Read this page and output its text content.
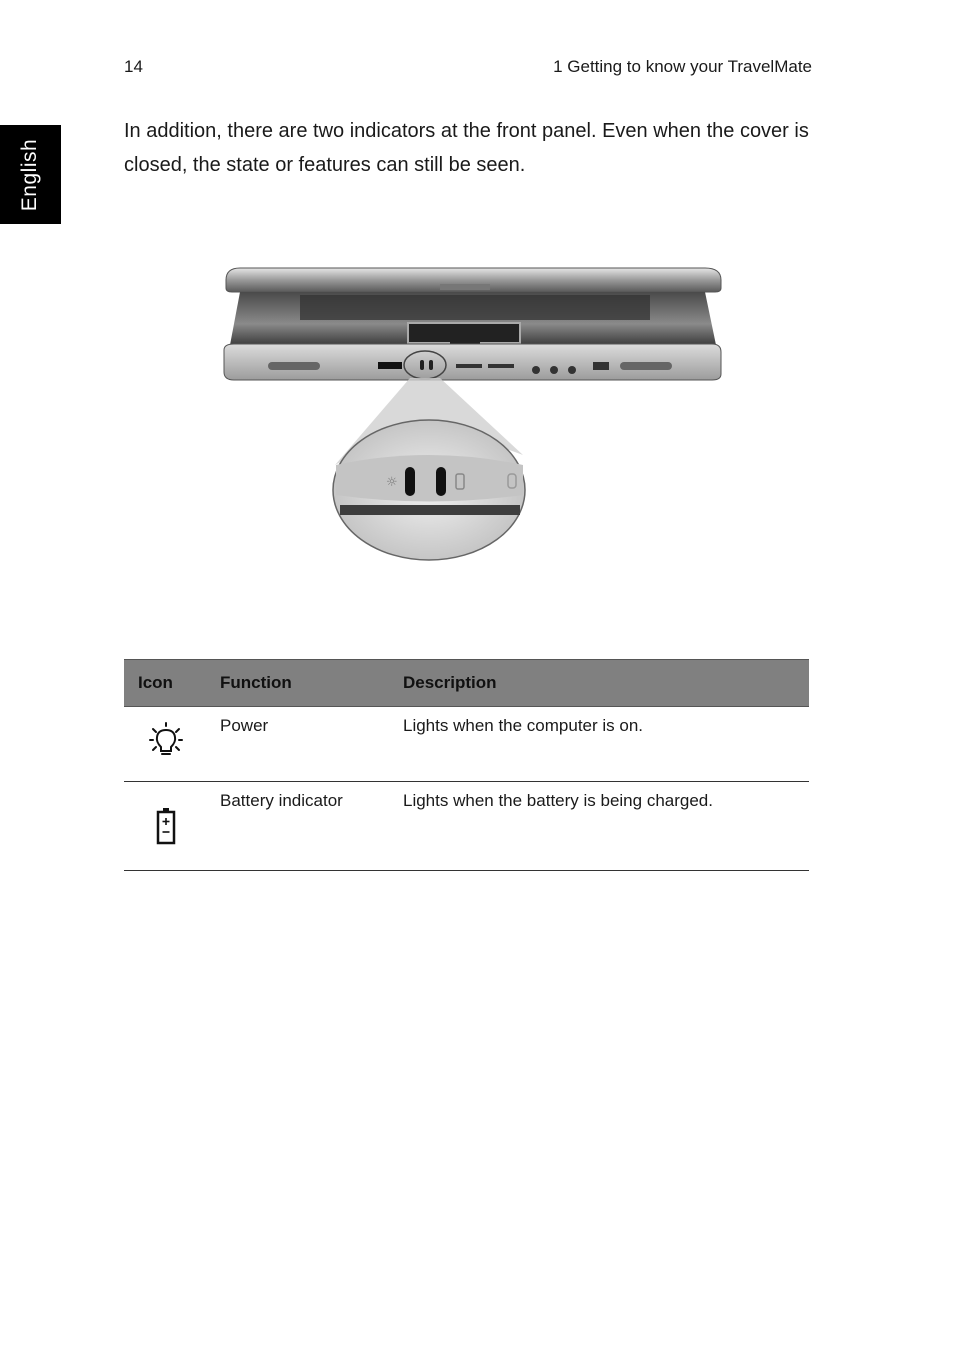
14	1 Getting to know your TravelMate
English

In addition, there are two indicators at the front panel. Even when the cover is closed, the state or features can still be seen.

☼
Icon	Function	Description

	Power	Lights when the computer is on.

	Battery indicator	Lights when the battery is being charged.
